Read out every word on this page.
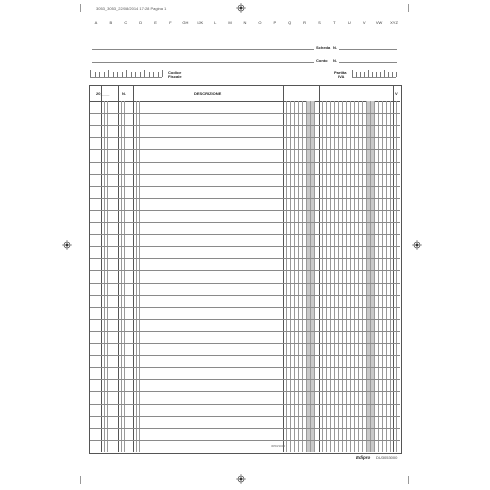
3053_3053_22/08/2014 17:28 Pagina 1
A	B	C	D	E	F	GH	IJK	L	M	N	O	P	Q	R	S	T	U	V	VW	XYZ
Scheda N.
Conto N.
Codice
Fiscale
Partita
IVA
20____	N.	DESCRIZIONE	V
3053/1000
Edipro DU3053000
